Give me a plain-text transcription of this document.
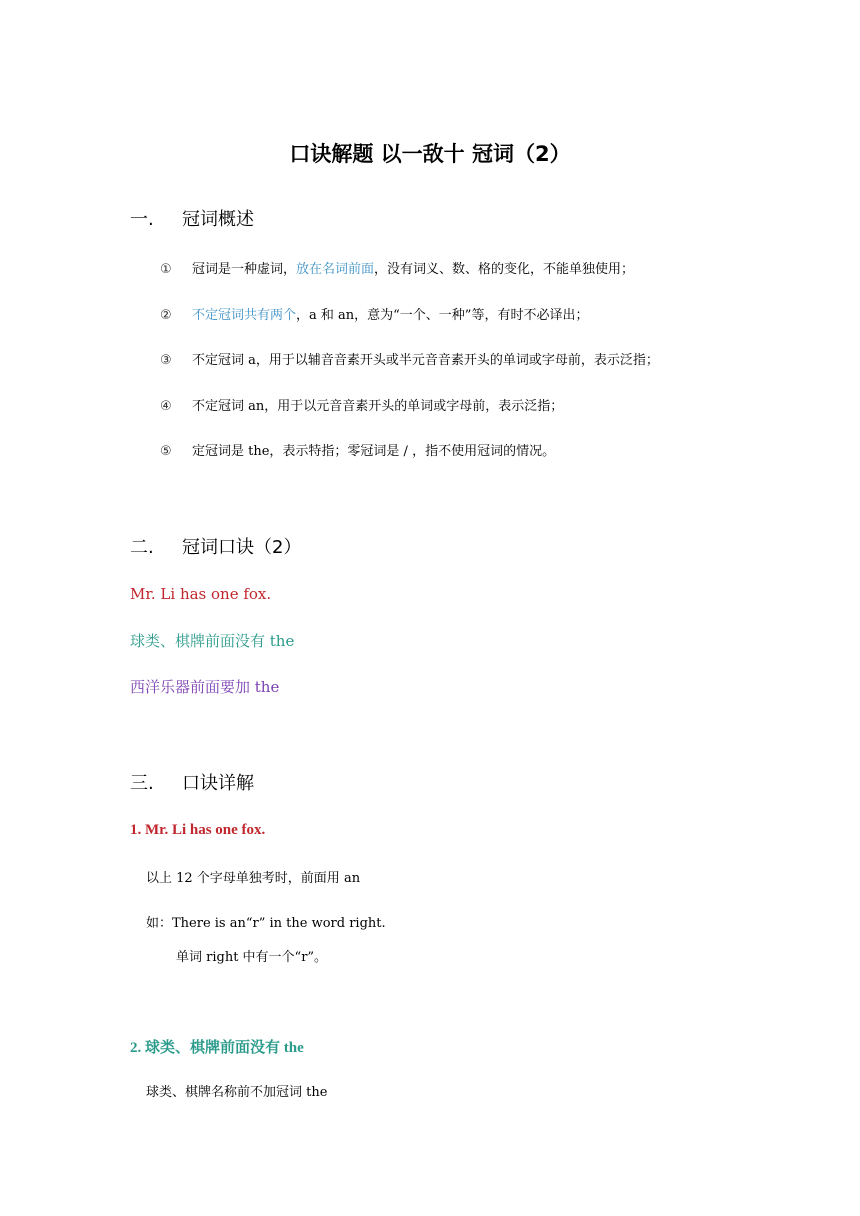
口诀解题 以一敌十 冠词（2）
一. 冠词概述
① 冠词是一种虚词，放在名词前面，没有词义、数、格的变化，不能单独使用；
② 不定冠词共有两个，a 和 an，意为“一个、一种”等，有时不必译出；
③ 不定冠词 a，用于以辅音音素开头或半元音音素开头的单词或字母前，表示泛指；
④ 不定冠词 an，用于以元音音素开头的单词或字母前，表示泛指；
⑤ 定冠词是 the，表示特指；零冠词是 / ，指不使用冠词的情况。
二. 冠词口诀（2）
Mr. Li has one fox.
球类、棋牌前面没有 the
西洋乐器前面要加 the
三. 口诀详解
1. Mr. Li has one fox.
以上 12 个字母单独考时，前面用 an
如：There is an“r” in the word right.
单词 right 中有一个“r”。
2. 球类、棋牌前面没有 the
球类、棋牌名称前不加冠词 the
